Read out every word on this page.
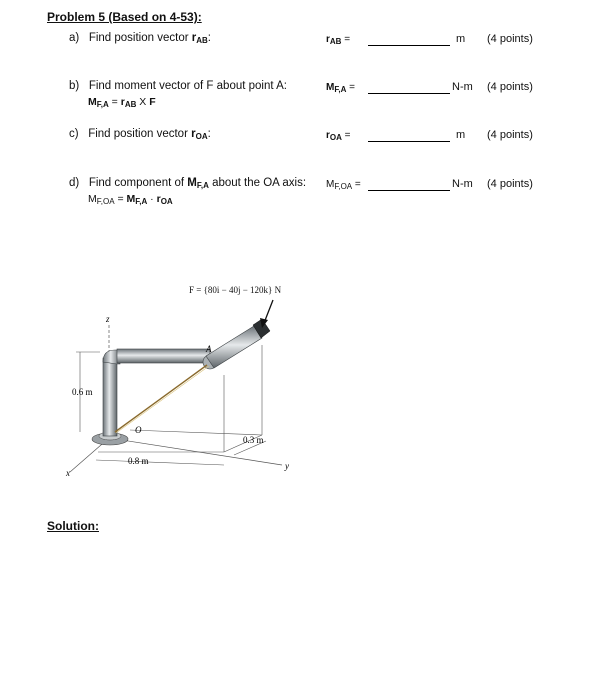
Problem 5 (Based on 4-53):
a) Find position vector $r_{AB}$:	$r_{AB}$ =	m (4 points)
b) Find moment vector of F about point A:
$M_{F,A} = r_{AB}$ X F
$M_{F,A}$ =	N-m (4 points)
c) Find position vector $r_{OA}$:	$r_{OA}$ =	m (4 points)
d) Find component of $M_{F,A}$ about the OA axis:
$M_{F,OA} = M_{F,A} \cdot r_{OA}$
$M_{F,OA}$ =	N-m (4 points)
F = {80i − 40j − 120k} N
z
x
y
0.8 m
0.3 m
0.6 m
A
O
Solution:
